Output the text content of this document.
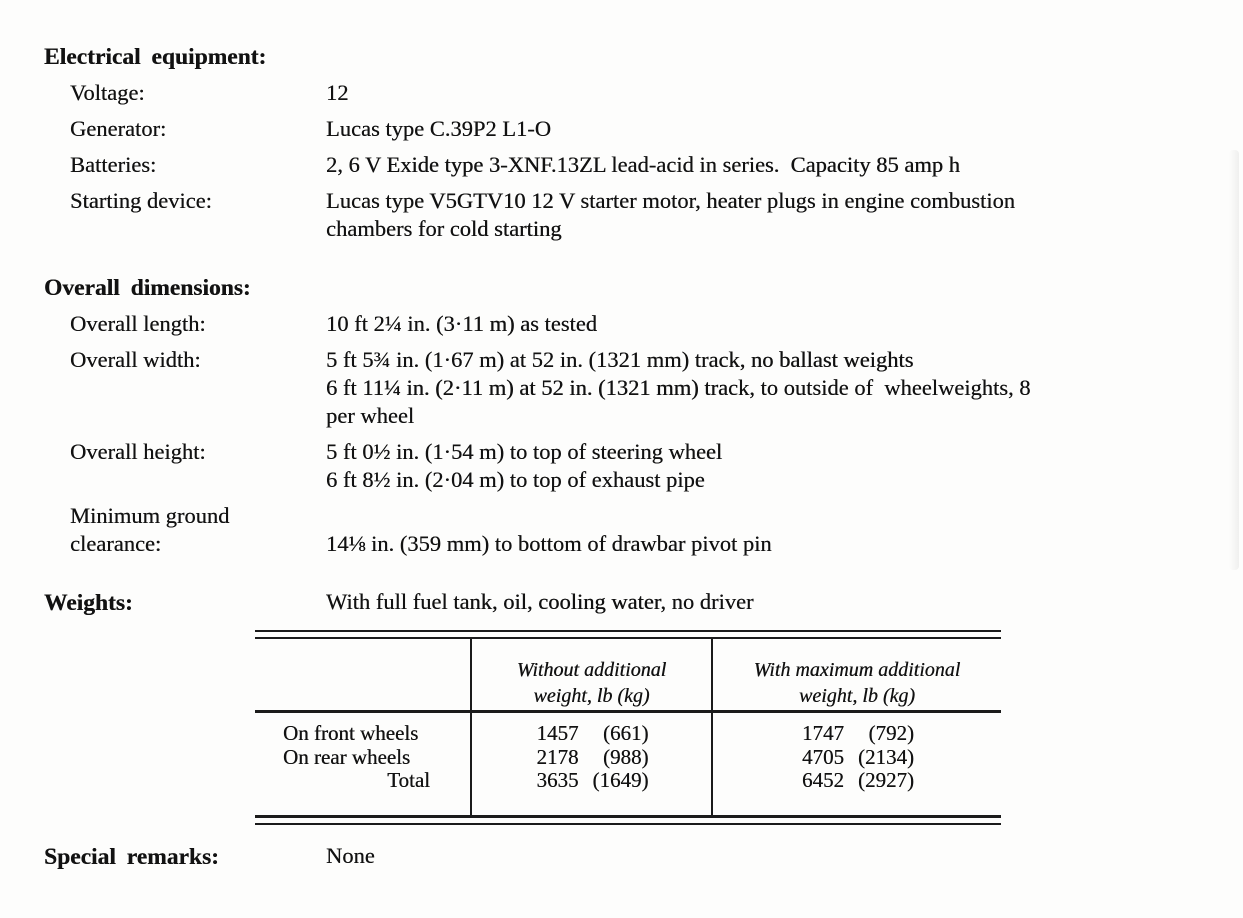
Electrical equipment:
Voltage:	12
Generator:	Lucas type C.39P2 L1-O
Batteries:	2, 6 V Exide type 3-XNF.13ZL lead-acid in series.  Capacity 85 amp h
Starting device:	Lucas type V5GTV10 12 V starter motor, heater plugs in engine combustion
chambers for cold starting
Overall dimensions:
Overall length:	10 ft 2¼ in. (3·11 m) as tested
Overall width:	5 ft 5¾ in. (1·67 m) at 52 in. (1321 mm) track, no ballast weights
6 ft 11¼ in. (2·11 m) at 52 in. (1321 mm) track, to outside of  wheelweights, 8
per wheel
Overall height:	5 ft 0½ in. (1·54 m) to top of steering wheel
6 ft 8½ in. (2·04 m) to top of exhaust pipe
Minimum ground
clearance:	14⅛ in. (359 mm) to bottom of drawbar pivot pin
Weights:	With full fuel tank, oil, cooling water, no driver
Without additional
weight, lb (kg)
With maximum additional
weight, lb (kg)
On front wheels	1457	(661)	1747	(792)
On rear wheels	2178	(988)	4705 (2134)
Total	3635 (1649)	6452 (2927)
Special remarks:	None
